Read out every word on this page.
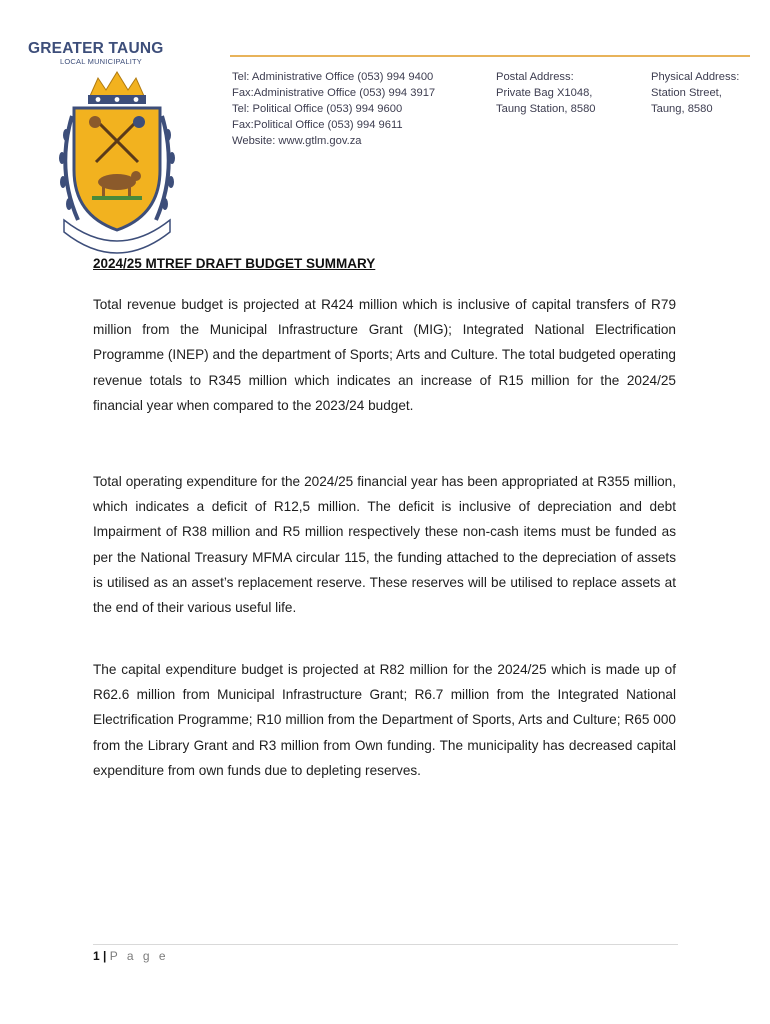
GREATER TAUNG
LOCAL MUNICIPALITY
Tel: Administrative Office (053) 994 9400
Fax:Administrative Office (053) 994 3917
Tel: Political Office (053) 994 9600
Fax:Political Office (053) 994 9611
Website: www.gtlm.gov.za
Postal Address:
Private Bag X1048,
Taung Station, 8580
Physical Address:
Station Street,
Taung, 8580
2024/25 MTREF DRAFT BUDGET SUMMARY

Total revenue budget is projected at R424 million which is inclusive of capital transfers of R79 million from the Municipal Infrastructure Grant (MIG); Integrated National Electrification Programme (INEP) and the department of Sports; Arts and Culture. The total budgeted operating revenue totals to R345 million which indicates an increase of R15 million for the 2024/25 financial year when compared to the 2023/24 budget.

Total operating expenditure for the 2024/25 financial year has been appropriated at R355 million, which indicates a deficit of R12,5 million. The deficit is inclusive of depreciation and debt Impairment of R38 million and R5 million respectively these non-cash items must be funded as per the National Treasury MFMA circular 115, the funding attached to the depreciation of assets is utilised as an asset’s replacement reserve. These reserves will be utilised to replace assets at the end of their various useful life.

The capital expenditure budget is projected at R82 million for the 2024/25 which is made up of R62.6 million from Municipal Infrastructure Grant; R6.7 million from the Integrated National Electrification Programme; R10 million from the Department of Sports, Arts and Culture; R65 000 from the Library Grant and R3 million from Own funding. The municipality has decreased capital expenditure from own funds due to depleting reserves.

1 | P a g e
